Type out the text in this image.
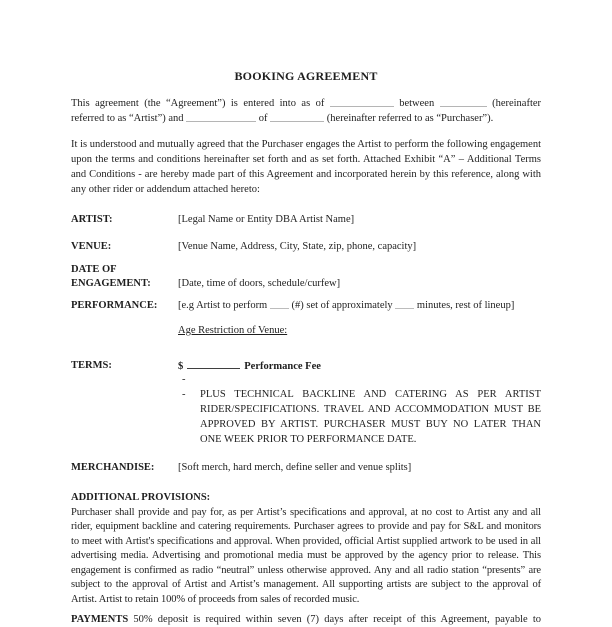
BOOKING AGREEMENT

This agreement (the “Agreement”) is entered into as of	between	(hereinafter referred to as “Artist”) and	of	(hereinafter referred to as “Purchaser”).

It is understood and mutually agreed that the Purchaser engages the Artist to perform the following engagement upon the terms and conditions hereinafter set forth and as set forth. Attached Exhibit “A” – Additional Terms and Conditions - are hereby made part of this Agreement and incorporated herein by this reference, along with any other rider or addendum attached hereto:

ARTIST:	[Legal Name or Entity DBA Artist Name]
VENUE:	[Venue Name, Address, City, State, zip, phone, capacity]
DATE OF ENGAGEMENT:	[Date, time of doors, schedule/curfew]
PERFORMANCE:	[e.g Artist to perform (#) set of approximately minutes, rest of lineup]
Age Restriction of Venue:
TERMS:	$	Performance Fee
-
- PLUS TECHNICAL BACKLINE AND CATERING AS PER ARTIST RIDER/SPECIFICATIONS. TRAVEL AND ACCOMMODATION MUST BE APPROVED BY ARTIST. PURCHASER MUST BUY NO LATER THAN ONE WEEK PRIOR TO PERFORMANCE DATE.
MERCHANDISE:	[Soft merch, hard merch, define seller and venue splits]
ADDITIONAL PROVISIONS:
Purchaser shall provide and pay for, as per Artist’s specifications and approval, at no cost to Artist any and all rider, equipment backline and catering requirements. Purchaser agrees to provide and pay for S&L and monitors to meet with Artist's specifications and approval. When provided, official Artist supplied artwork to be used in all advertising media. Advertising and promotional media must be approved by the agency prior to release. This engagement is confirmed as radio “neutral” unless otherwise approved. Any and all radio station “presents” are subject to the approval of Artist and Artist’s management. All supporting artists are subject to the approval of Artist. Artist to retain 100% of proceeds from sales of recorded music.
PAYMENTS 50% deposit is required within seven (7) days after receipt of this Agreement, payable to
